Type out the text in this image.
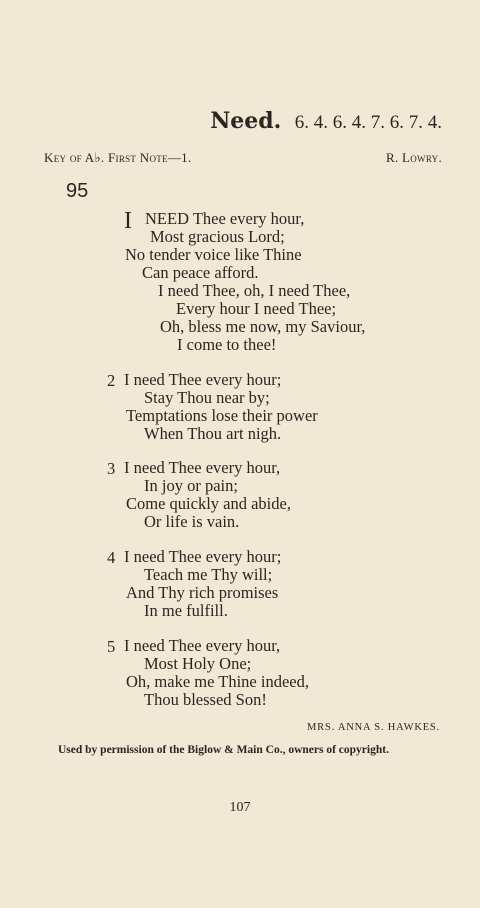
Need. 6. 4. 6. 4. 7. 6. 7. 4.
Key of A♭. First Note—1.	R. Lowry.
95
I NEED Thee every hour,
Most gracious Lord;
No tender voice like Thine
Can peace afford.
I need Thee, oh, I need Thee,
Every hour I need Thee;
Oh, bless me now, my Saviour,
I come to thee!
2 I need Thee every hour;
Stay Thou near by;
Temptations lose their power
When Thou art nigh.
3 I need Thee every hour,
In joy or pain;
Come quickly and abide,
Or life is vain.
4 I need Thee every hour;
Teach me Thy will;
And Thy rich promises
In me fulfill.
5 I need Thee every hour,
Most Holy One;
Oh, make me Thine indeed,
Thou blessed Son!
MRS. ANNA S. HAWKES.
Used by permission of the Biglow & Main Co., owners of copyright.
107
